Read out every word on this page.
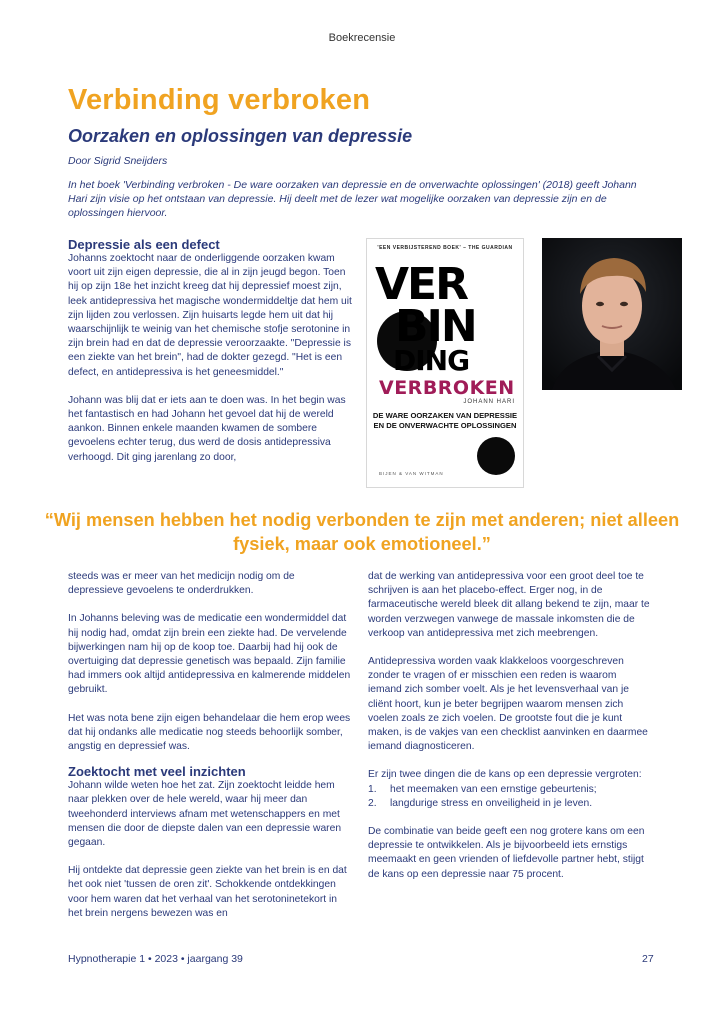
Boekrecensie
Verbinding verbroken
Oorzaken en oplossingen van depressie
Door Sigrid Sneijders

In het boek 'Verbinding verbroken - De ware oorzaken van depressie en de onverwachte oplossingen' (2018) geeft Johann Hari zijn visie op het ontstaan van depressie. Hij deelt met de lezer wat mogelijke oorzaken van depressie zijn en de oplossingen hiervoor.

Depressie als een defect

Johanns zoektocht naar de onderliggende oorzaken kwam voort uit zijn eigen depressie, die al in zijn jeugd begon. Toen hij op zijn 18e het inzicht kreeg dat hij depressief moest zijn, leek antidepressiva het magische wondermiddeltje dat hem uit zijn lijden zou verlossen. Zijn huisarts legde hem uit dat hij waarschijnlijk te weinig van het chemische stofje serotonine in zijn brein had en dat de depressie veroorzaakte. "Depressie is een ziekte van het brein", had de dokter gezegd. "Het is een defect, en antidepressiva is het geneesmiddel."

Johann was blij dat er iets aan te doen was. In het begin was het fantastisch en had Johann het gevoel dat hij de wereld aankon. Binnen enkele maanden kwamen de sombere gevoelens echter terug, dus werd de dosis antidepressiva verhoogd. Dit ging jarenlang zo door,

'EEN VERBIJSTEREND BOEK' – THE GUARDIAN
VER
BIN
DING
VERBROKEN
JOHANN HARI
DE WARE OORZAKEN VAN DEPRESSIE EN DE ONVERWACHTE OPLOSSINGEN
BIJEN & VAN WITMAN

“Wij mensen hebben het nodig verbonden te zijn met anderen; niet alleen fysiek, maar ook emotioneel.”

steeds was er meer van het medicijn nodig om de depressieve gevoelens te onderdrukken.

In Johanns beleving was de medicatie een wondermiddel dat hij nodig had, omdat zijn brein een ziekte had. De vervelende bijwerkingen nam hij op de koop toe. Daarbij had hij ook de overtuiging dat depressie genetisch was bepaald. Zijn familie had immers ook altijd antidepressiva en kalmerende middelen gebruikt.

Het was nota bene zijn eigen behandelaar die hem erop wees dat hij ondanks alle medicatie nog steeds behoorlijk somber, angstig en depressief was.

Zoektocht met veel inzichten

Johann wilde weten hoe het zat. Zijn zoektocht leidde hem naar plekken over de hele wereld, waar hij meer dan tweehonderd interviews afnam met wetenschappers en met mensen die door de diepste dalen van een depressie waren gegaan.

Hij ontdekte dat depressie geen ziekte van het brein is en dat het ook niet 'tussen de oren zit'. Schokkende ontdekkingen voor hem waren dat het verhaal van het serotoninetekort in het brein nergens bewezen was en

dat de werking van antidepressiva voor een groot deel toe te schrijven is aan het placebo-effect. Erger nog, in de farmaceutische wereld bleek dit allang bekend te zijn, maar te worden verzwegen vanwege de massale inkomsten die de verkoop van antidepressiva met zich meebrengen.

Antidepressiva worden vaak klakkeloos voorgeschreven zonder te vragen of er misschien een reden is waarom iemand zich somber voelt. Als je het levensverhaal van je cliënt hoort, kun je beter begrijpen waarom mensen zich voelen zoals ze zich voelen. De grootste fout die je kunt maken, is de vakjes van een checklist aanvinken en daarmee iemand diagnosticeren.

Er zijn twee dingen die de kans op een depressie vergroten:

1.	het meemaken van een ernstige gebeurtenis;
2.	langdurige stress en onveiligheid in je leven.

De combinatie van beide geeft een nog grotere kans om een depressie te ontwikkelen. Als je bijvoorbeeld iets ernstigs meemaakt en geen vrienden of liefdevolle partner hebt, stijgt de kans op een depressie naar 75 procent.

Hypnotherapie 1 • 2023 • jaargang 39	27
